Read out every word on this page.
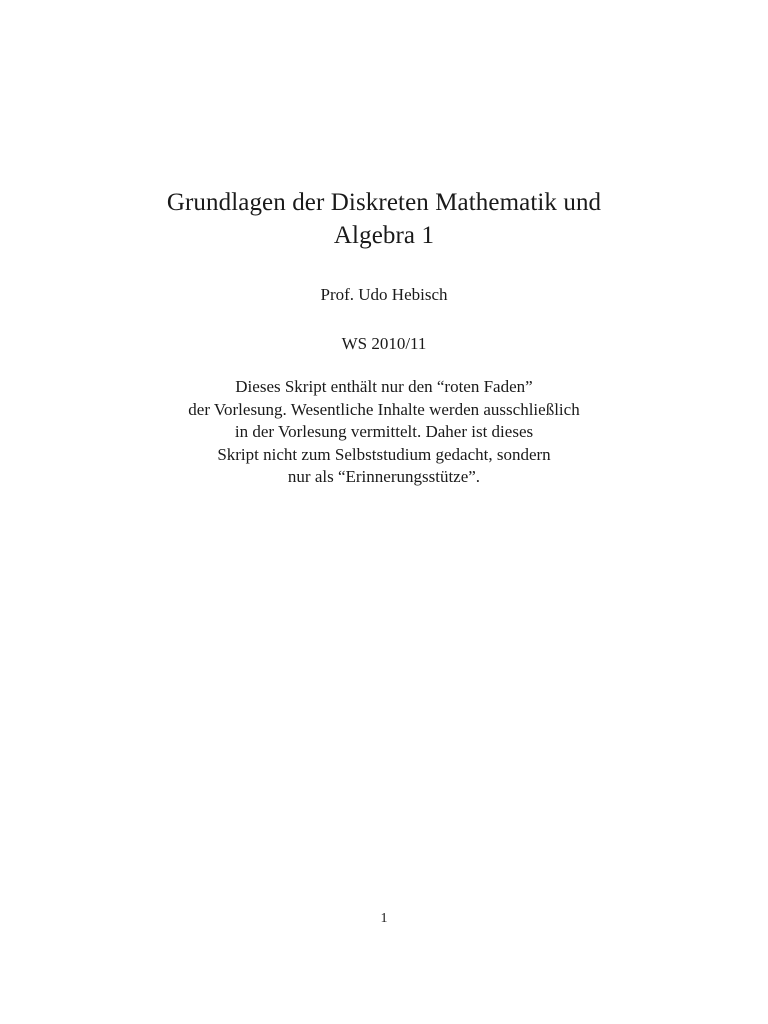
Grundlagen der Diskreten Mathematik und
Algebra 1
Prof. Udo Hebisch
WS 2010/11
Dieses Skript enthält nur den “roten Faden”
der Vorlesung. Wesentliche Inhalte werden ausschließlich
in der Vorlesung vermittelt. Daher ist dieses
Skript nicht zum Selbststudium gedacht, sondern
nur als “Erinnerungsstütze”.
1
